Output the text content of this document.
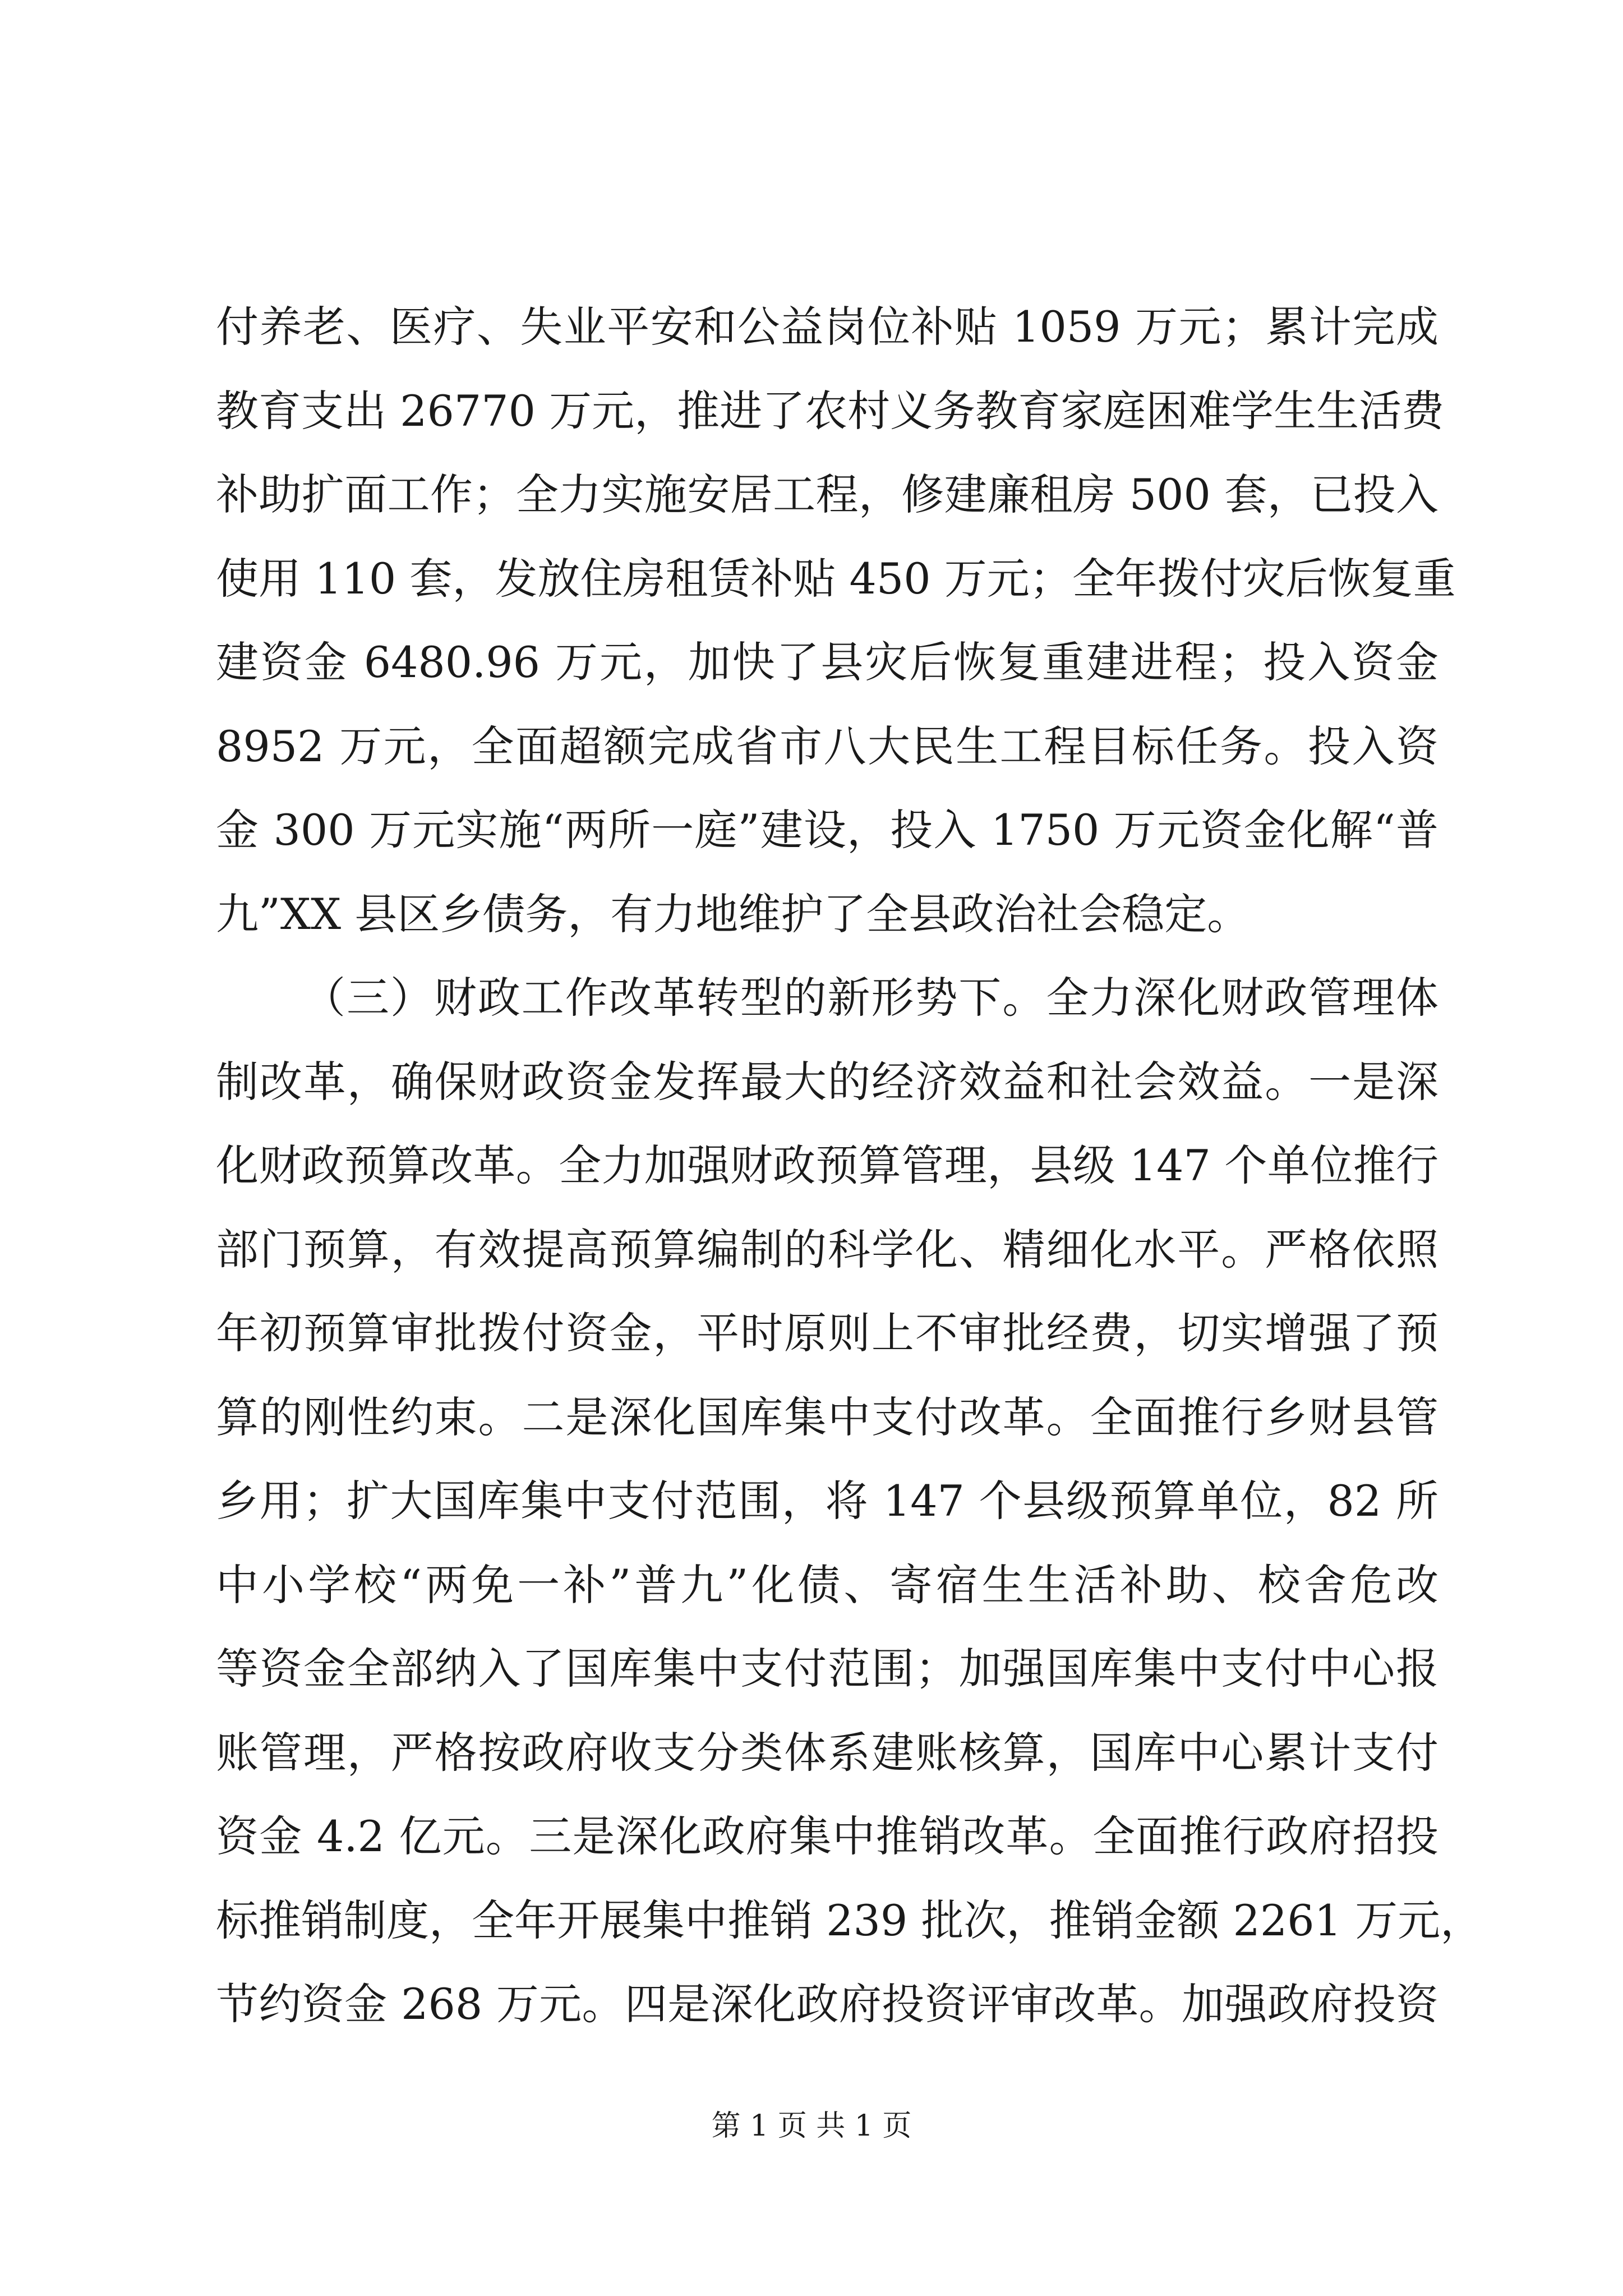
付养老、医疗、失业平安和公益岗位补贴 1059 万元；累计完成
教育支出 26770 万元，推进了农村义务教育家庭困难学生生活费
补助扩面工作；全力实施安居工程，修建廉租房 500 套，已投入
使用 110 套，发放住房租赁补贴 450 万元；全年拨付灾后恢复重
建资金 6480.96 万元，加快了县灾后恢复重建进程；投入资金
8952 万元，全面超额完成省市八大民生工程目标任务。投入资
金 300 万元实施“两所一庭”建设，投入 1750 万元资金化解“普
九”XX 县区乡债务，有力地维护了全县政治社会稳定。
（三）财政工作改革转型的新形势下。全力深化财政管理体
制改革，确保财政资金发挥最大的经济效益和社会效益。一是深
化财政预算改革。全力加强财政预算管理，县级 147 个单位推行
部门预算，有效提高预算编制的科学化、精细化水平。严格依照
年初预算审批拨付资金，平时原则上不审批经费，切实增强了预
算的刚性约束。二是深化国库集中支付改革。全面推行乡财县管
乡用；扩大国库集中支付范围，将 147 个县级预算单位，82 所
中小学校“两免一补”普九”化债、寄宿生生活补助、校舍危改
等资金全部纳入了国库集中支付范围；加强国库集中支付中心报
账管理，严格按政府收支分类体系建账核算，国库中心累计支付
资金 4.2 亿元。三是深化政府集中推销改革。全面推行政府招投
标推销制度，全年开展集中推销 239 批次，推销金额 2261 万元，
节约资金 268 万元。四是深化政府投资评审改革。加强政府投资
第 1 页 共 1 页
